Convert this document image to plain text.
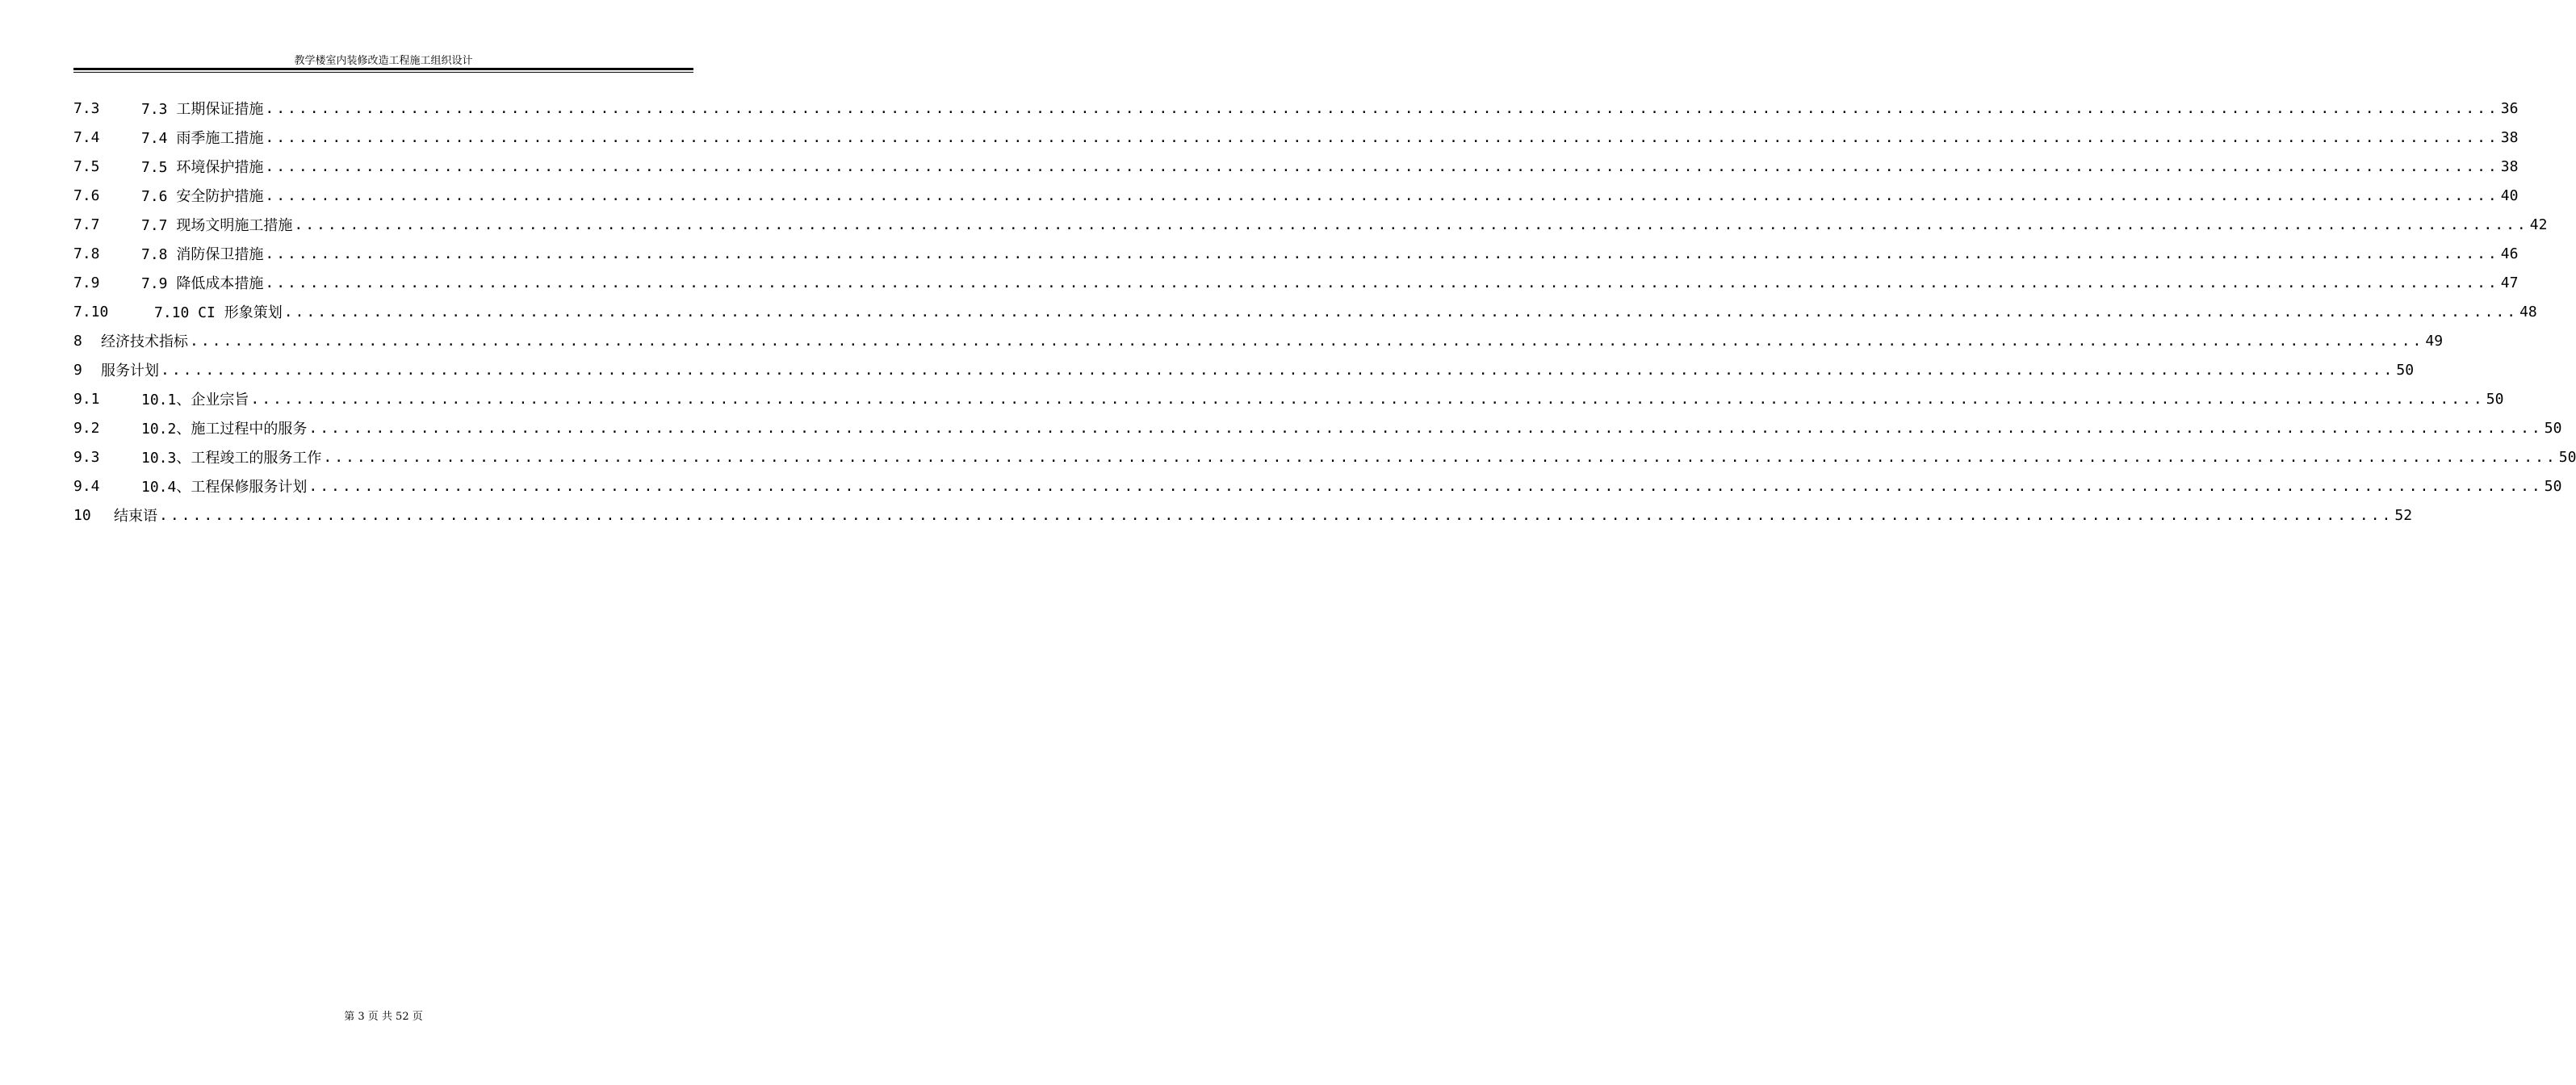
教学楼室内装修改造工程施工组织设计
7.3	7.3 工期保证措施 ........................................................................................................................................................................................................ 36
7.4	7.4 雨季施工措施 ........................................................................................................................................................................................................ 38
7.5	7.5 环境保护措施 ........................................................................................................................................................................................................ 38
7.6	7.6 安全防护措施 ........................................................................................................................................................................................................ 40
7.7	7.7 现场文明施工措施 ........................................................................................................................................................................................................ 42
7.8	7.8 消防保卫措施 ........................................................................................................................................................................................................ 46
7.9	7.9 降低成本措施 ........................................................................................................................................................................................................ 47
7.10	7.10 CI 形象策划 ........................................................................................................................................................................................................ 48
8	经济技术指标 ........................................................................................................................................................................................................ 49
9	服务计划 ........................................................................................................................................................................................................ 50
9.1	10.1、企业宗旨 ........................................................................................................................................................................................................ 50
9.2	10.2、施工过程中的服务 ........................................................................................................................................................................................................ 50
9.3	10.3、工程竣工的服务工作 ........................................................................................................................................................................................................ 50
9.4	10.4、工程保修服务计划 ........................................................................................................................................................................................................ 50
10	结束语 ........................................................................................................................................................................................................ 52
第 3 页 共 52 页
